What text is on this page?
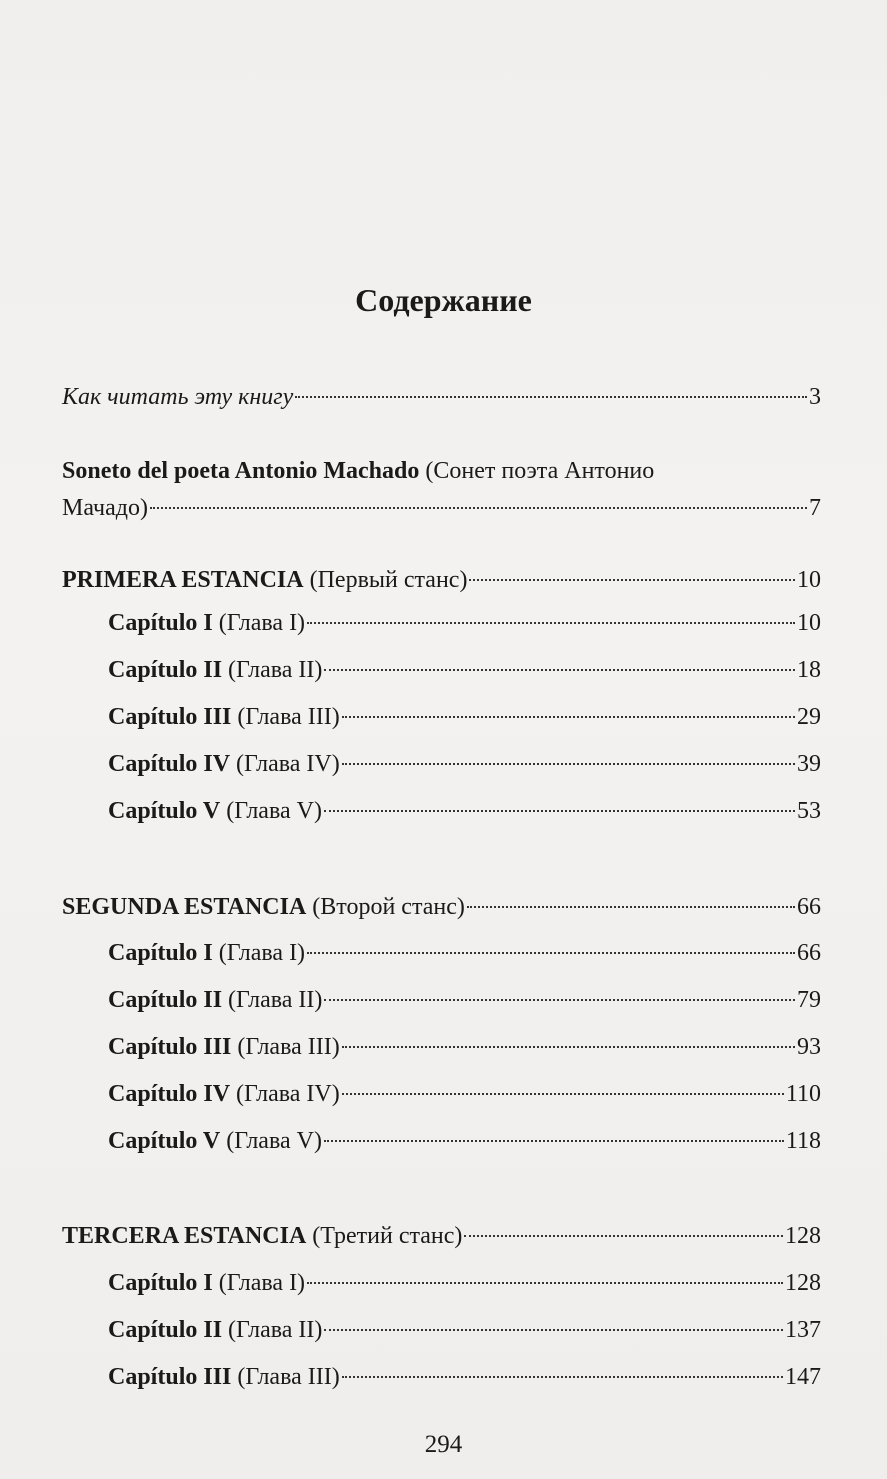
Содержание
Как читать эту книгу	3
Soneto del poeta Antonio Machado (Сонет поэта Антонио
Мачадо)	7
PRIMERA ESTANCIA (Первый станс)	10
Capítulo I (Глава I)	10
Capítulo II (Глава II)	18
Capítulo III (Глава III)	29
Capítulo IV (Глава IV)	39
Capítulo V (Глава V)	53
SEGUNDA ESTANCIA (Второй станс)	66
Capítulo I (Глава I)	66
Capítulo II (Глава II)	79
Capítulo III (Глава III)	93
Capítulo IV (Глава IV)	110
Capítulo V (Глава V)	118
TERCERA ESTANCIA (Третий станс)	128
Capítulo I (Глава I)	128
Capítulo II (Глава II)	137
Capítulo III (Глава III)	147
294
